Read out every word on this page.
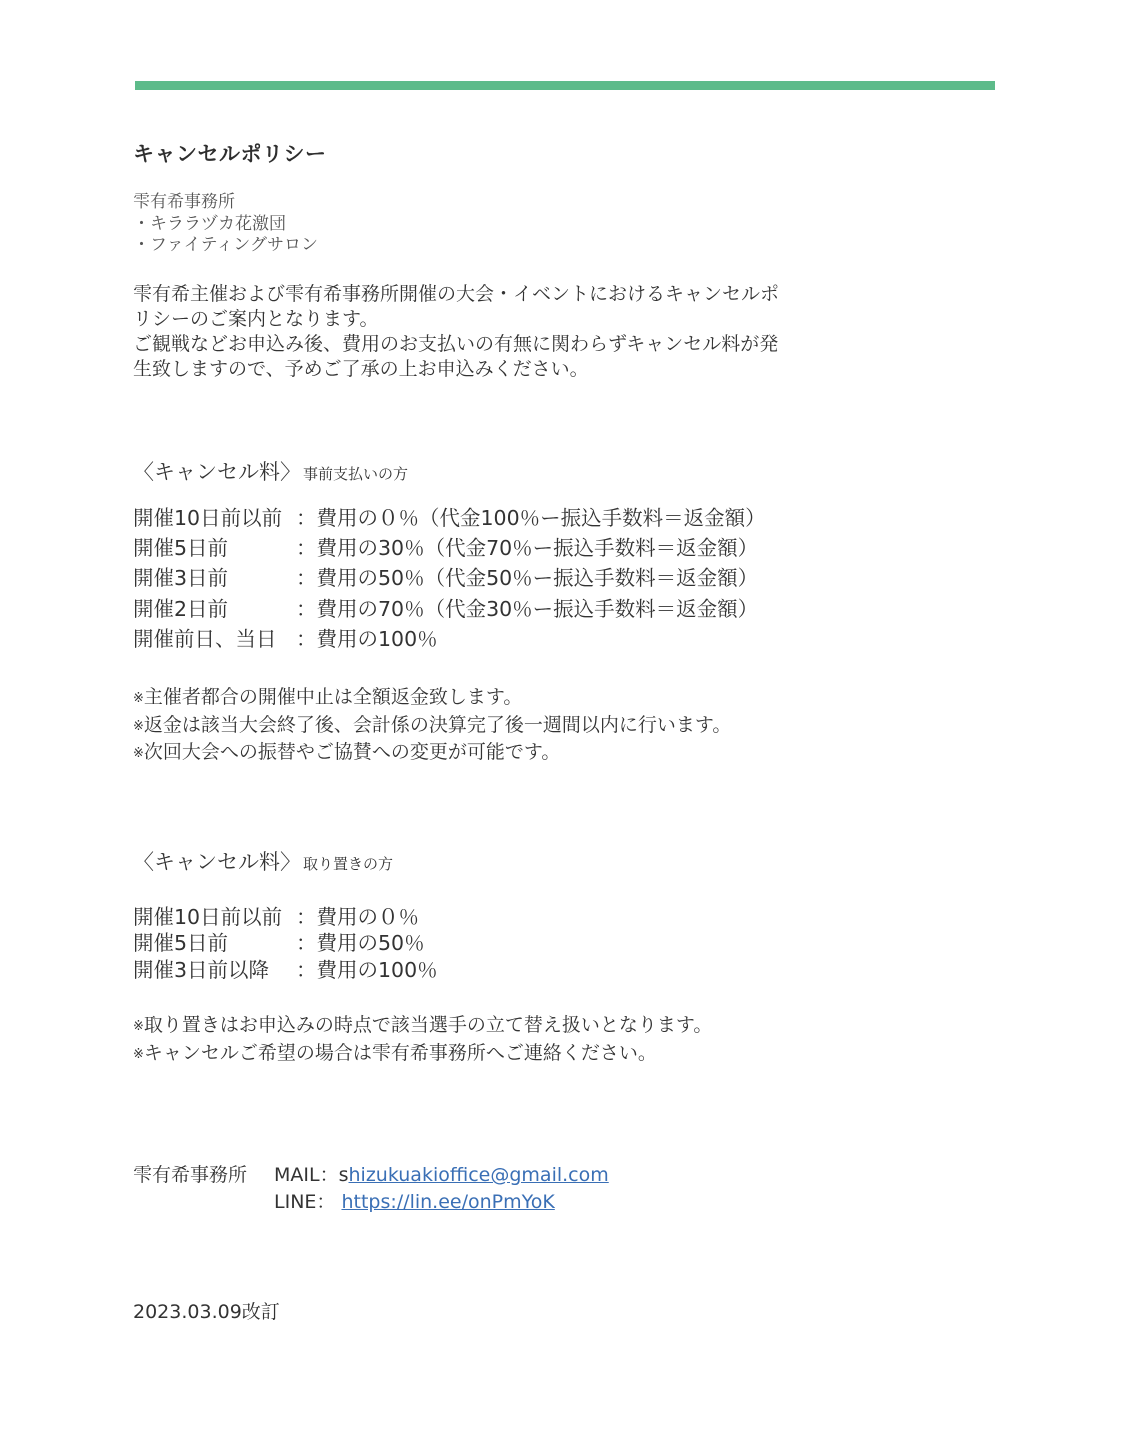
キャンセルポリシー
雫有希事務所
・キララヅカ花激団
・ファイティングサロン
雫有希主催および雫有希事務所開催の大会・イベントにおけるキャンセルポ
リシーのご案内となります。
ご観戦などお申込み後、費用のお支払いの有無に関わらずキャンセル料が発
生致しますので、予めご了承の上お申込みください。
〈キャンセル料〉 事前支払いの方
開催10日前以前 ：費用の０％（代金100％ー振込手数料＝返金額）
開催5日前	：費用の30％（代金70％ー振込手数料＝返金額）
開催3日前	：費用の50％（代金50％ー振込手数料＝返金額）
開催2日前	：費用の70％（代金30％ー振込手数料＝返金額）
開催前日、当日 ：費用の100％
※主催者都合の開催中止は全額返金致します。
※返金は該当大会終了後、会計係の決算完了後一週間以内に行います。
※次回大会への振替やご協賛への変更が可能です。
〈キャンセル料〉 取り置きの方
開催10日前以前 ：費用の０％
開催5日前	：費用の50％
開催3日前以降 ：費用の100％
※取り置きはお申込みの時点で該当選手の立て替え扱いとなります。
※キャンセルご希望の場合は雫有希事務所へご連絡ください。
雫有希事務所 MAIL：shizukuakioffice@gmail.com
LINE： https://lin.ee/onPmYoK
2023.03.09改訂
